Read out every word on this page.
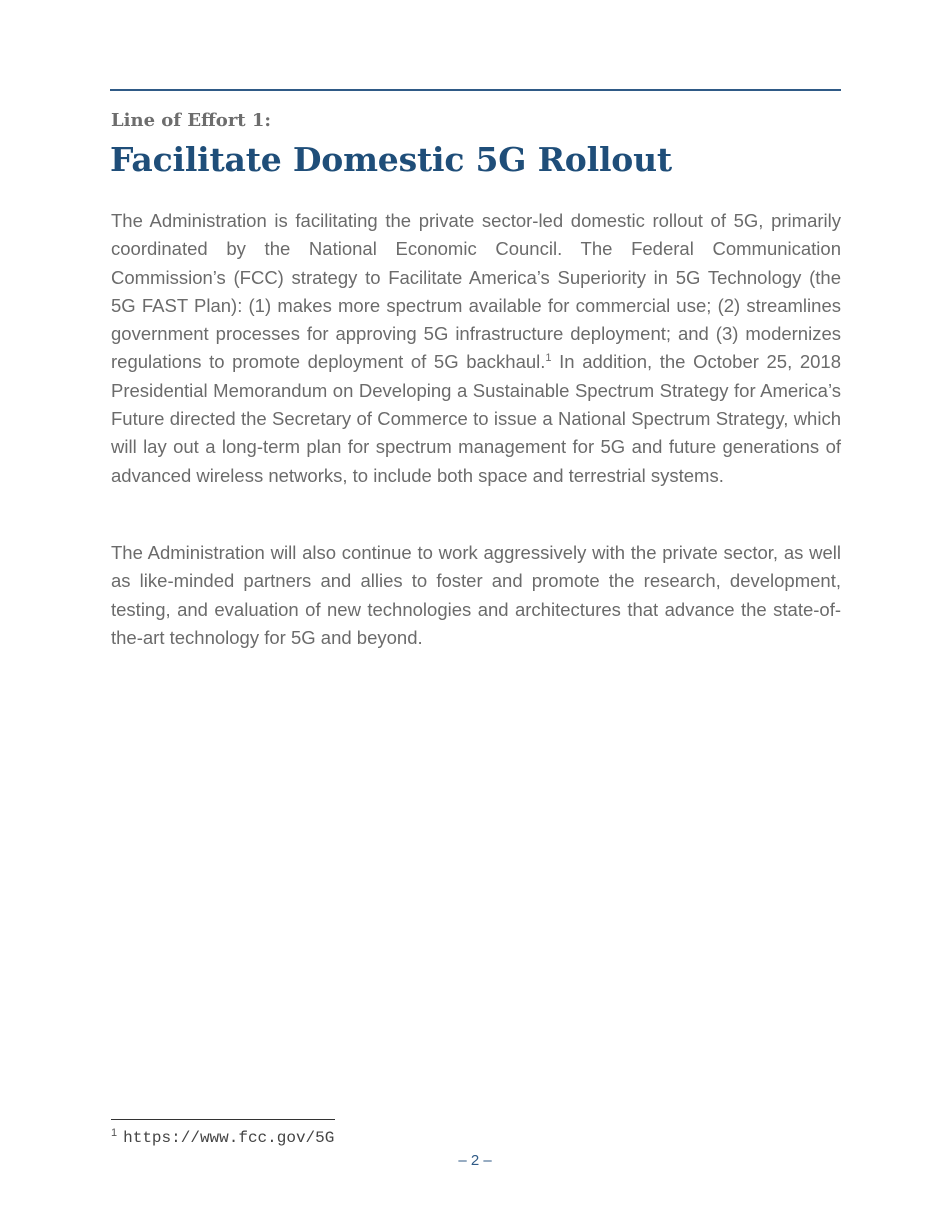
Line of Effort 1:
Facilitate Domestic 5G Rollout

The Administration is facilitating the private sector-led domestic rollout of 5G, primarily coordinated by the National Economic Council. The Federal Communication Commission’s (FCC) strategy to Facilitate America’s Superiority in 5G Technology (the 5G FAST Plan): (1) makes more spectrum available for commercial use; (2) streamlines government processes for approving 5G infrastructure deployment; and (3) modernizes regulations to promote deployment of 5G backhaul.$^1$ In addition, the October 25, 2018 Presidential Memorandum on Developing a Sustainable Spectrum Strategy for America’s Future directed the Secretary of Commerce to issue a National Spectrum Strategy, which will lay out a long-term plan for spectrum management for 5G and future generations of advanced wireless networks, to include both space and terrestrial systems.

The Administration will also continue to work aggressively with the private sector, as well as like-minded partners and allies to foster and promote the research, development, testing, and evaluation of new technologies and architectures that advance the state-of-the-art technology for 5G and beyond.

$^1$ https://www.fcc.gov/5G
– 2 –
